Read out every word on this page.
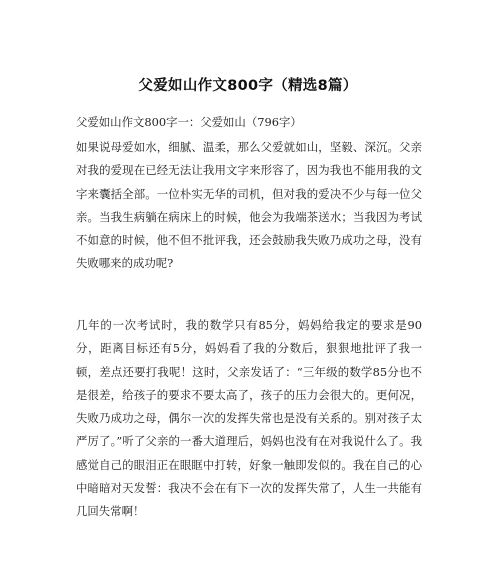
父爱如山作文800字（精选8篇）
父爱如山作文800字一：父爱如山（796字）
如果说母爱如水，细腻、温柔，那么父爱就如山，坚毅、深沉。父亲对我的爱现在已经无法让我用文字来形容了，因为我也不能用我的文字来囊括全部。一位朴实无华的司机，但对我的爱决不少与每一位父亲。当我生病躺在病床上的时候，他会为我端茶送水；当我因为考试不如意的时候，他不但不批评我，还会鼓励我失败乃成功之母，没有失败哪来的成功呢?
几年的一次考试时，我的数学只有85分，妈妈给我定的要求是90分，距离目标还有5分，妈妈看了我的分数后，狠狠地批评了我一顿，差点还要打我呢！这时，父亲发话了：“三年级的数学85分也不是很差，给孩子的要求不要太高了，孩子的压力会很大的。更何况，失败乃成功之母，偶尔一次的发挥失常也是没有关系的。别对孩子太严厉了。”听了父亲的一番大道理后，妈妈也没有在对我说什么了。我感觉自己的眼泪正在眼眶中打转，好象一触即发似的。我在自己的心中暗暗对天发誓：我决不会在有下一次的发挥失常了，人生一共能有几回失常啊！
